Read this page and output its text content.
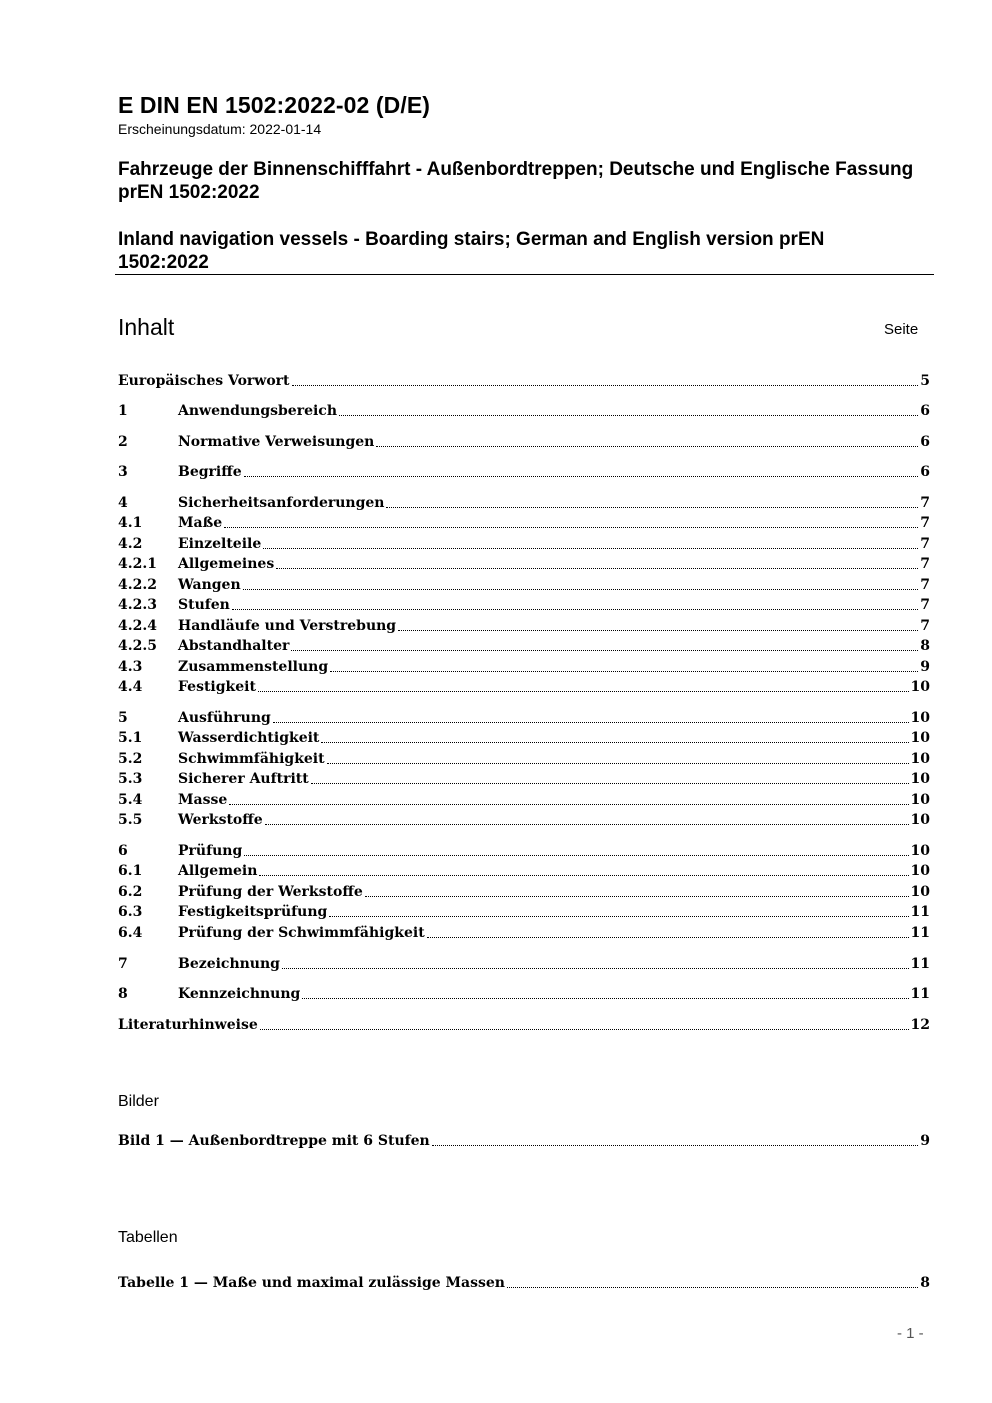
E DIN EN 1502:2022-02 (D/E)
Erscheinungsdatum: 2022-01-14
Fahrzeuge der Binnenschifffahrt - Außenbordtreppen; Deutsche und Englische Fassung prEN 1502:2022
Inland navigation vessels - Boarding stairs; German and English version prEN 1502:2022
Inhalt	Seite
Europäisches Vorwort	5
1	Anwendungsbereich	6
2	Normative Verweisungen	6
3	Begriffe	6
4	Sicherheitsanforderungen	7
4.1	Maße	7
4.2	Einzelteile	7
4.2.1	Allgemeines	7
4.2.2	Wangen	7
4.2.3	Stufen	7
4.2.4	Handläufe und Verstrebung	7
4.2.5	Abstandhalter	8
4.3	Zusammenstellung	9
4.4	Festigkeit	10
5	Ausführung	10
5.1	Wasserdichtigkeit	10
5.2	Schwimmfähigkeit	10
5.3	Sicherer Auftritt	10
5.4	Masse	10
5.5	Werkstoffe	10
6	Prüfung	10
6.1	Allgemein	10
6.2	Prüfung der Werkstoffe	10
6.3	Festigkeitsprüfung	11
6.4	Prüfung der Schwimmfähigkeit	11
7	Bezeichnung	11
8	Kennzeichnung	11
Literaturhinweise	12
Bilder
Bild 1 — Außenbordtreppe mit 6 Stufen	9
Tabellen
Tabelle 1 — Maße und maximal zulässige Massen	8
- 1 -
